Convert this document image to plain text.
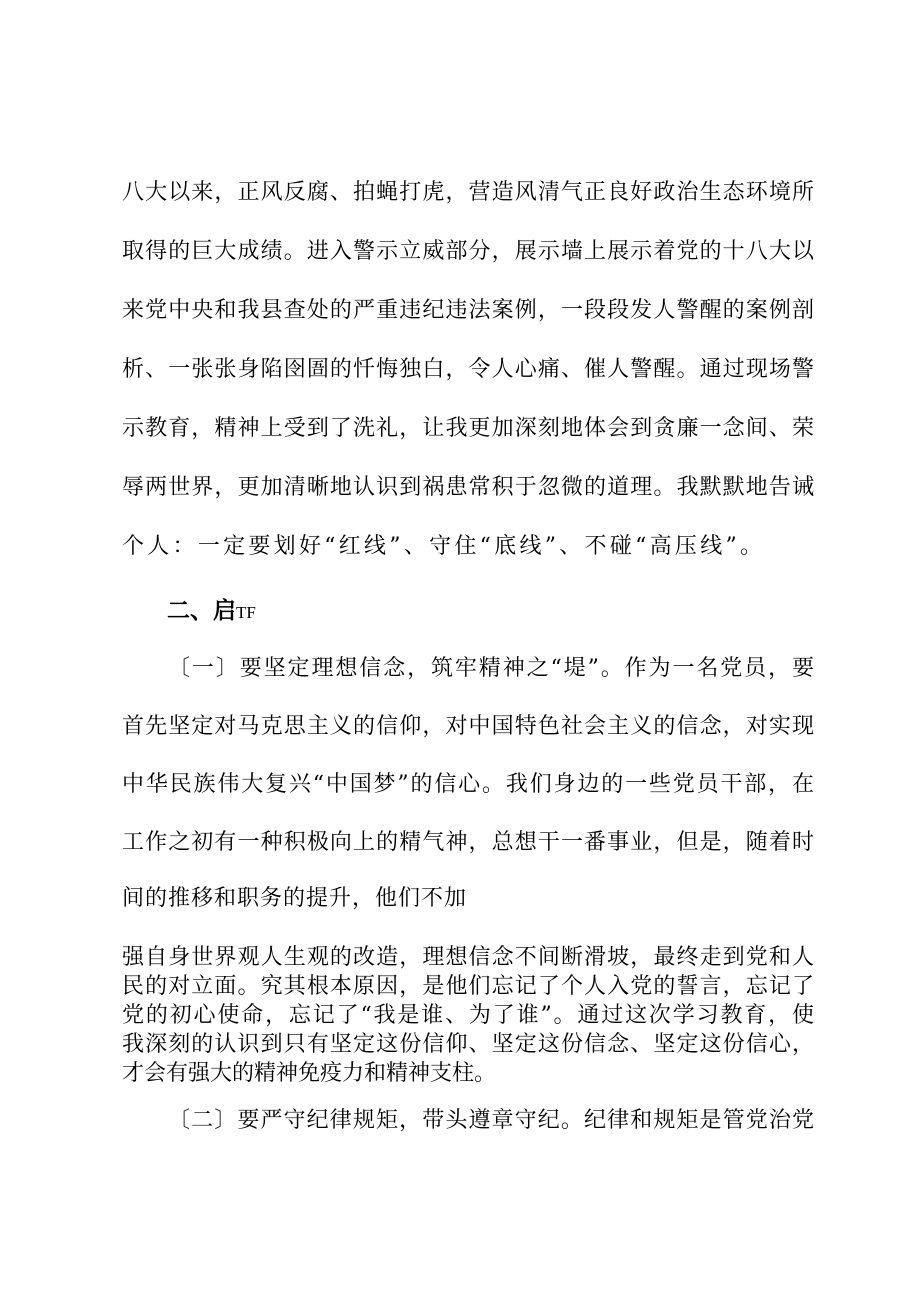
八大以来，正风反腐、拍蝇打虎，营造风清气正良好政治生态环境所
取得的巨大成绩。进入警示立威部分，展示墙上展示着党的十八大以
来党中央和我县查处的严重违纪违法案例，一段段发人警醒的案例剖
析、一张张身陷囹圄的忏悔独白，令人心痛、催人警醒。通过现场警
示教育，精神上受到了洗礼，让我更加深刻地体会到贪廉一念间、荣
辱两世界，更加清晰地认识到祸患常积于忽微的道理。我默默地告诫
个人：一定要划好“红线”、守住“底线”、不碰“高压线”。
二、启TF
〔一〕要坚定理想信念，筑牢精神之“堤”。作为一名党员，要
首先坚定对马克思主义的信仰，对中国特色社会主义的信念，对实现
中华民族伟大复兴“中国梦”的信心。我们身边的一些党员干部，在
工作之初有一种积极向上的精气神，总想干一番事业，但是，随着时
间的推移和职务的提升，他们不加
强自身世界观人生观的改造，理想信念不间断滑坡，最终走到党和人
民的对立面。究其根本原因，是他们忘记了个人入党的誓言，忘记了
党的初心使命，忘记了“我是谁、为了谁”。通过这次学习教育，使
我深刻的认识到只有坚定这份信仰、坚定这份信念、坚定这份信心，
才会有强大的精神免疫力和精神支柱。
〔二〕要严守纪律规矩，带头遵章守纪。纪律和规矩是管党治党
